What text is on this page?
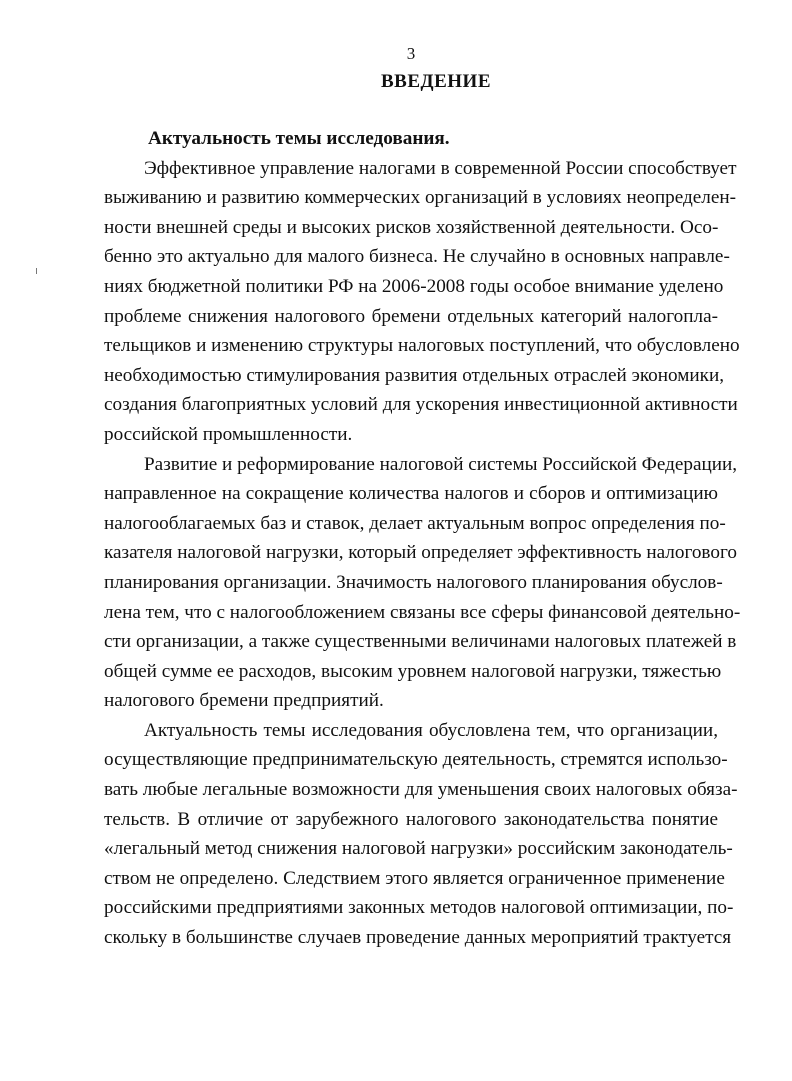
3
ВВЕДЕНИЕ

Актуальность темы исследования.

Эффективное управление налогами в современной России способствует
выживанию и развитию коммерческих организаций в условиях неопределен-
ности внешней среды и высоких рисков хозяйственной деятельности. Осо-
бенно это актуально для малого бизнеса. Не случайно в основных направле-
ниях бюджетной политики РФ на 2006-2008 годы особое внимание уделено
проблеме снижения налогового бремени отдельных категорий налогопла-
тельщиков и изменению структуры налоговых поступлений, что обусловлено
необходимостью стимулирования развития отдельных отраслей экономики,
создания благоприятных условий для ускорения инвестиционной активности
российской промышленности.
Развитие и реформирование налоговой системы Российской Федерации,
направленное на сокращение количества налогов и сборов и оптимизацию
налогооблагаемых баз и ставок, делает актуальным вопрос определения по-
казателя налоговой нагрузки, который определяет эффективность налогового
планирования организации. Значимость налогового планирования обуслов-
лена тем, что с налогообложением связаны все сферы финансовой деятельно-
сти организации, а также существенными величинами налоговых платежей в
общей сумме ее расходов, высоким уровнем налоговой нагрузки, тяжестью
налогового бремени предприятий.
Актуальность темы исследования обусловлена тем, что организации,
осуществляющие предпринимательскую деятельность, стремятся использо-
вать любые легальные возможности для уменьшения своих налоговых обяза-
тельств. В отличие от зарубежного налогового законодательства понятие
«легальный метод снижения налоговой нагрузки» российским законодатель-
ством не определено. Следствием этого является ограниченное применение
российскими предприятиями законных методов налоговой оптимизации, по-
скольку в большинстве случаев проведение данных мероприятий трактуется
